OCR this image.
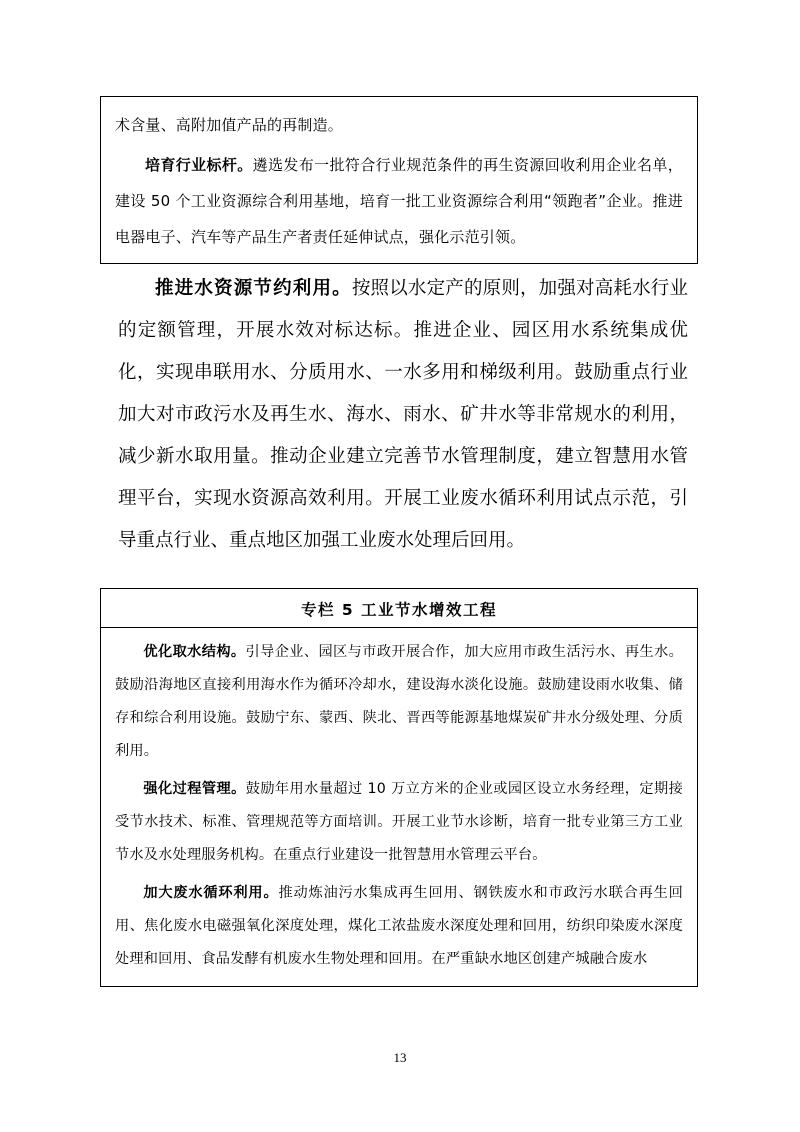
术含量、高附加值产品的再制造。

培育行业标杆。遴选发布一批符合行业规范条件的再生资源回收利用企业名单，建设 50 个工业资源综合利用基地，培育一批工业资源综合利用“领跑者”企业。推进电器电子、汽车等产品生产者责任延伸试点，强化示范引领。

推进水资源节约利用。按照以水定产的原则，加强对高耗水行业的定额管理，开展水效对标达标。推进企业、园区用水系统集成优化，实现串联用水、分质用水、一水多用和梯级利用。鼓励重点行业加大对市政污水及再生水、海水、雨水、矿井水等非常规水的利用，减少新水取用量。推动企业建立完善节水管理制度，建立智慧用水管理平台，实现水资源高效利用。开展工业废水循环利用试点示范，引导重点行业、重点地区加强工业废水处理后回用。

专栏 5 工业节水增效工程

优化取水结构。引导企业、园区与市政开展合作，加大应用市政生活污水、再生水。鼓励沿海地区直接利用海水作为循环冷却水，建设海水淡化设施。鼓励建设雨水收集、储存和综合利用设施。鼓励宁东、蒙西、陕北、晋西等能源基地煤炭矿井水分级处理、分质利用。

强化过程管理。鼓励年用水量超过 10 万立方米的企业或园区设立水务经理，定期接受节水技术、标准、管理规范等方面培训。开展工业节水诊断，培育一批专业第三方工业节水及水处理服务机构。在重点行业建设一批智慧用水管理云平台。

加大废水循环利用。推动炼油污水集成再生回用、钢铁废水和市政污水联合再生回用、焦化废水电磁强氧化深度处理，煤化工浓盐废水深度处理和回用，纺织印染废水深度处理和回用、食品发酵有机废水生物处理和回用。在严重缺水地区创建产城融合废水

13
